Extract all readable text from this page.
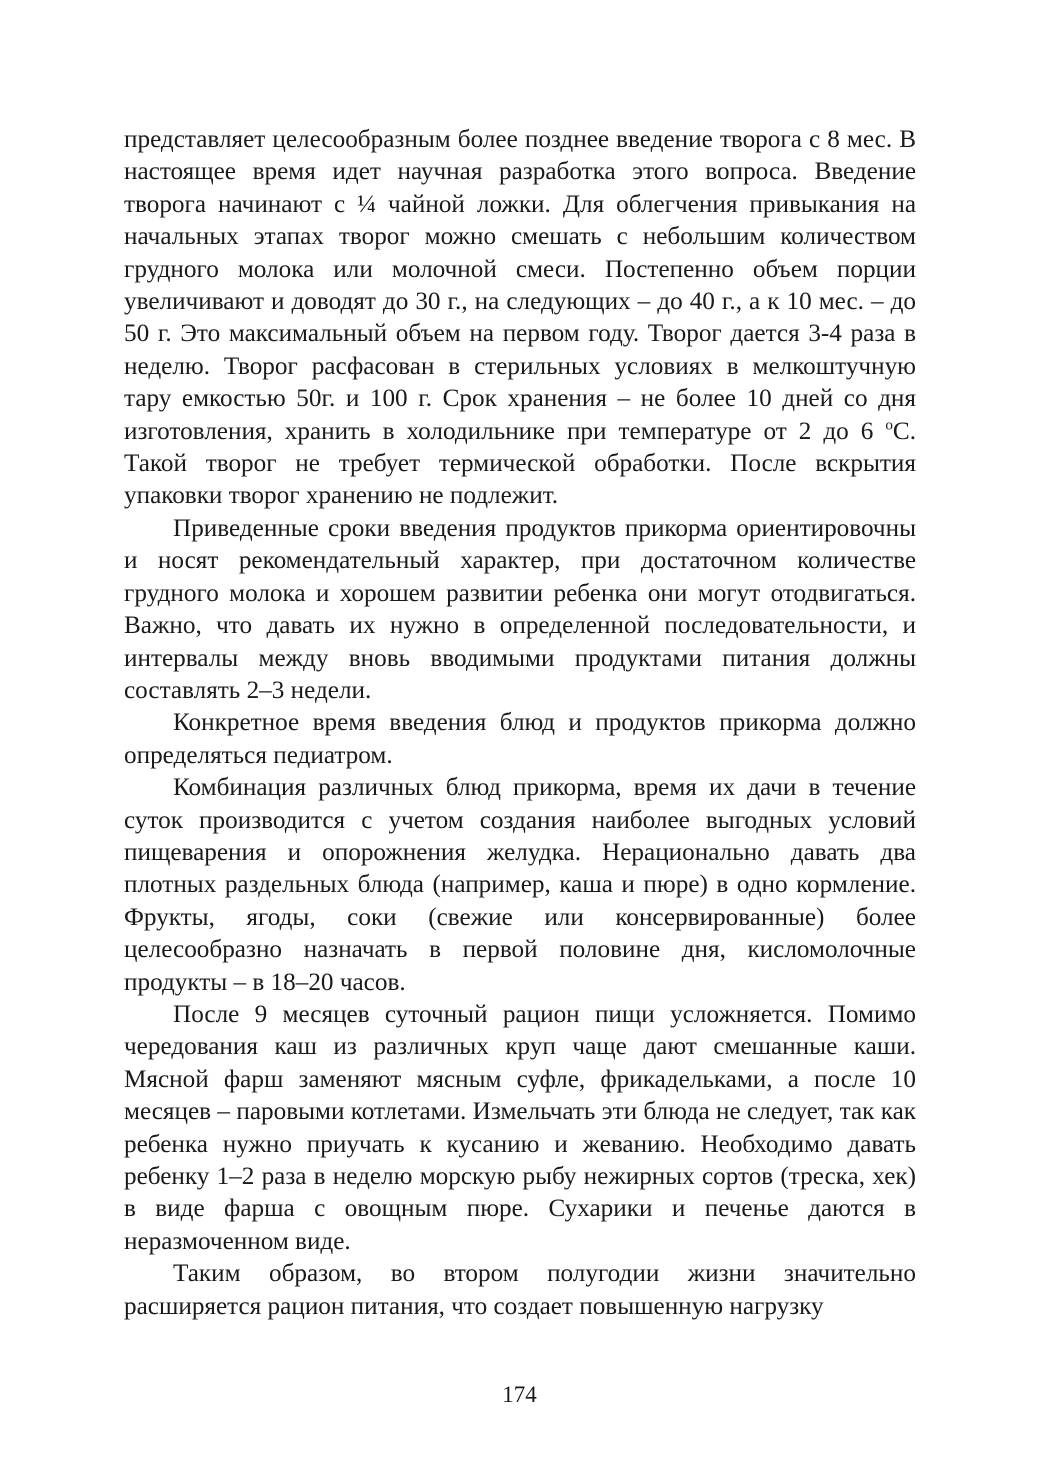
представляет целесообразным более позднее введение творога с 8 мес. В настоящее время идет научная разработка этого вопроса. Введение творога начинают с ¼ чайной ложки. Для облегчения привыкания на начальных этапах творог можно смешать с небольшим количеством грудного молока или молочной смеси. Постепенно объем порции увеличивают и доводят до 30 г., на следующих – до 40 г., а к 10 мес. – до 50 г. Это максимальный объем на первом году. Творог дается 3-4 раза в неделю. Творог расфасован в стерильных условиях в мелкоштучную тару емкостью 50г. и 100 г. Срок хранения – не более 10 дней со дня изготовления, хранить в холодильнике при температуре от 2 до 6 $^о$С. Такой творог не требует термической обработки. После вскрытия упаковки творог хранению не подлежит.

Приведенные сроки введения продуктов прикорма ориентировочны и носят рекомендательный характер, при достаточном количестве грудного молока и хорошем развитии ребенка они могут отодвигаться. Важно, что давать их нужно в определенной последовательности, и интервалы между вновь вводимыми продуктами питания должны составлять 2–3 недели.

Конкретное время введения блюд и продуктов прикорма должно определяться педиатром.

Комбинация различных блюд прикорма, время их дачи в течение суток производится с учетом создания наиболее выгодных условий пищеварения и опорожнения желудка. Нерационально давать два плотных раздельных блюда (например, каша и пюре) в одно кормление. Фрукты, ягоды, соки (свежие или консервированные) более целесообразно назначать в первой половине дня, кисломолочные продукты – в 18–20 часов.

После 9 месяцев суточный рацион пищи усложняется. Помимо чередования каш из различных круп чаще дают смешанные каши. Мясной фарш заменяют мясным суфле, фрикадельками, а после 10 месяцев – паровыми котлетами. Измельчать эти блюда не следует, так как ребенка нужно приучать к кусанию и жеванию. Необходимо давать ребенку 1–2 раза в неделю морскую рыбу нежирных сортов (треска, хек) в виде фарша с овощным пюре. Сухарики и печенье даются в неразмоченном виде.

Таким образом, во втором полугодии жизни значительно расширяется рацион питания, что создает повышенную нагрузку

174
